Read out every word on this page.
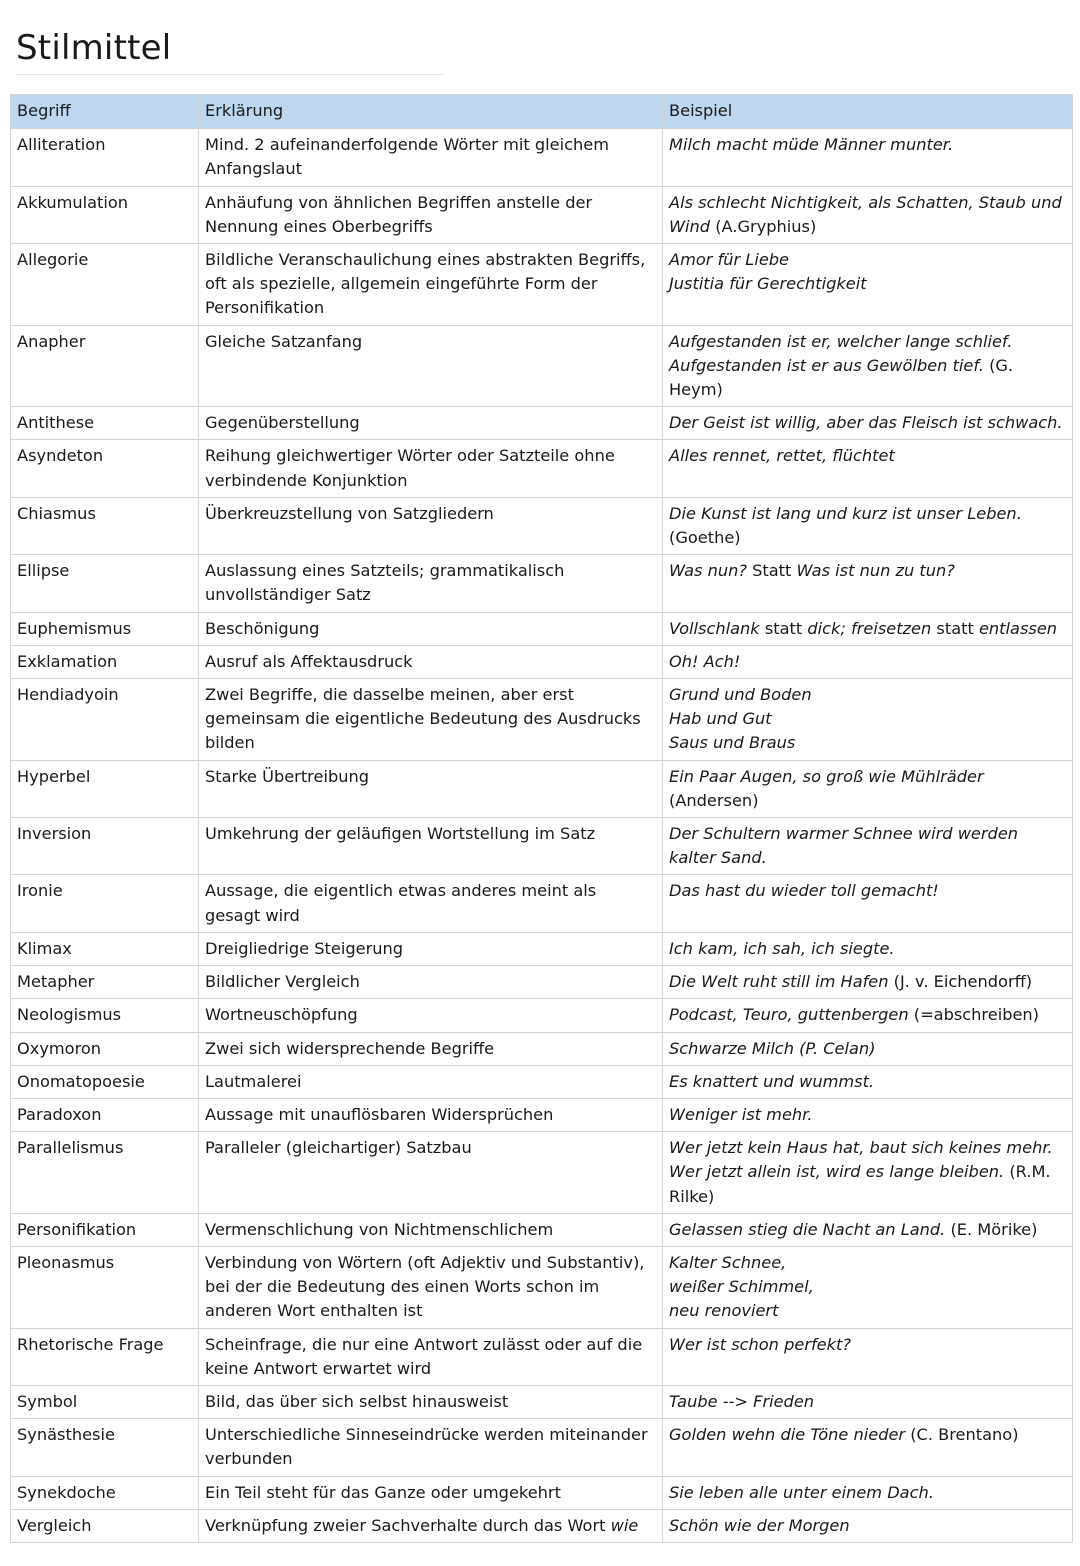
Stilmittel
Begriff	Erklärung	Beispiel
Alliteration	Mind. 2 aufeinanderfolgende Wörter mit gleichem Anfangslaut	Milch macht müde Männer munter.

Akkumulation	Anhäufung von ähnlichen Begriffen anstelle der Nennung eines Oberbegriffs	Als schlecht Nichtigkeit, als Schatten, Staub und Wind (A.Gryphius)

Allegorie	Bildliche Veranschaulichung eines abstrakten Begriffs, oft als spezielle, allgemein eingeführte Form der Personifikation	Amor für Liebe
Justitia für Gerechtigkeit

Anapher	Gleiche Satzanfang	Aufgestanden ist er, welcher lange schlief.
Aufgestanden ist er aus Gewölben tief. (G. Heym)

Antithese	Gegenüberstellung	Der Geist ist willig, aber das Fleisch ist schwach.

Asyndeton	Reihung gleichwertiger Wörter oder Satzteile ohne verbindende Konjunktion	Alles rennet, rettet, flüchtet

Chiasmus	Überkreuzstellung von Satzgliedern	Die Kunst ist lang und kurz ist unser Leben.
(Goethe)

Ellipse	Auslassung eines Satzteils; grammatikalisch unvollständiger Satz	Was nun? Statt Was ist nun zu tun?

Euphemismus	Beschönigung	Vollschlank statt dick; freisetzen statt entlassen

Exklamation	Ausruf als Affektausdruck	Oh! Ach!

Hendiadyoin	Zwei Begriffe, die dasselbe meinen, aber erst gemeinsam die eigentliche Bedeutung des Ausdrucks bilden	Grund und Boden
Hab und Gut
Saus und Braus

Hyperbel	Starke Übertreibung	Ein Paar Augen, so groß wie Mühlräder
(Andersen)

Inversion	Umkehrung der geläufigen Wortstellung im Satz	Der Schultern warmer Schnee wird werden kalter Sand.

Ironie	Aussage, die eigentlich etwas anderes meint als gesagt wird	Das hast du wieder toll gemacht!

Klimax	Dreigliedrige Steigerung	Ich kam, ich sah, ich siegte.

Metapher	Bildlicher Vergleich	Die Welt ruht still im Hafen (J. v. Eichendorff)

Neologismus	Wortneuschöpfung	Podcast, Teuro, guttenbergen (=abschreiben)

Oxymoron	Zwei sich widersprechende Begriffe	Schwarze Milch (P. Celan)

Onomatopoesie	Lautmalerei	Es knattert und wummst.

Paradoxon	Aussage mit unauflösbaren Widersprüchen	Weniger ist mehr.

Parallelismus	Paralleler (gleichartiger) Satzbau	Wer jetzt kein Haus hat, baut sich keines mehr.
Wer jetzt allein ist, wird es lange bleiben. (R.M. Rilke)

Personifikation	Vermenschlichung von Nichtmenschlichem	Gelassen stieg die Nacht an Land. (E. Mörike)

Pleonasmus	Verbindung von Wörtern (oft Adjektiv und Substantiv), bei der die Bedeutung des einen Worts schon im anderen Wort enthalten ist	Kalter Schnee,
weißer Schimmel,
neu renoviert

Rhetorische Frage	Scheinfrage, die nur eine Antwort zulässt oder auf die keine Antwort erwartet wird	Wer ist schon perfekt?

Symbol	Bild, das über sich selbst hinausweist	Taube --> Frieden

Synästhesie	Unterschiedliche Sinneseindrücke werden miteinander verbunden	Golden wehn die Töne nieder (C. Brentano)

Synekdoche	Ein Teil steht für das Ganze oder umgekehrt	Sie leben alle unter einem Dach.

Vergleich	Verknüpfung zweier Sachverhalte durch das Wort wie	Schön wie der Morgen
